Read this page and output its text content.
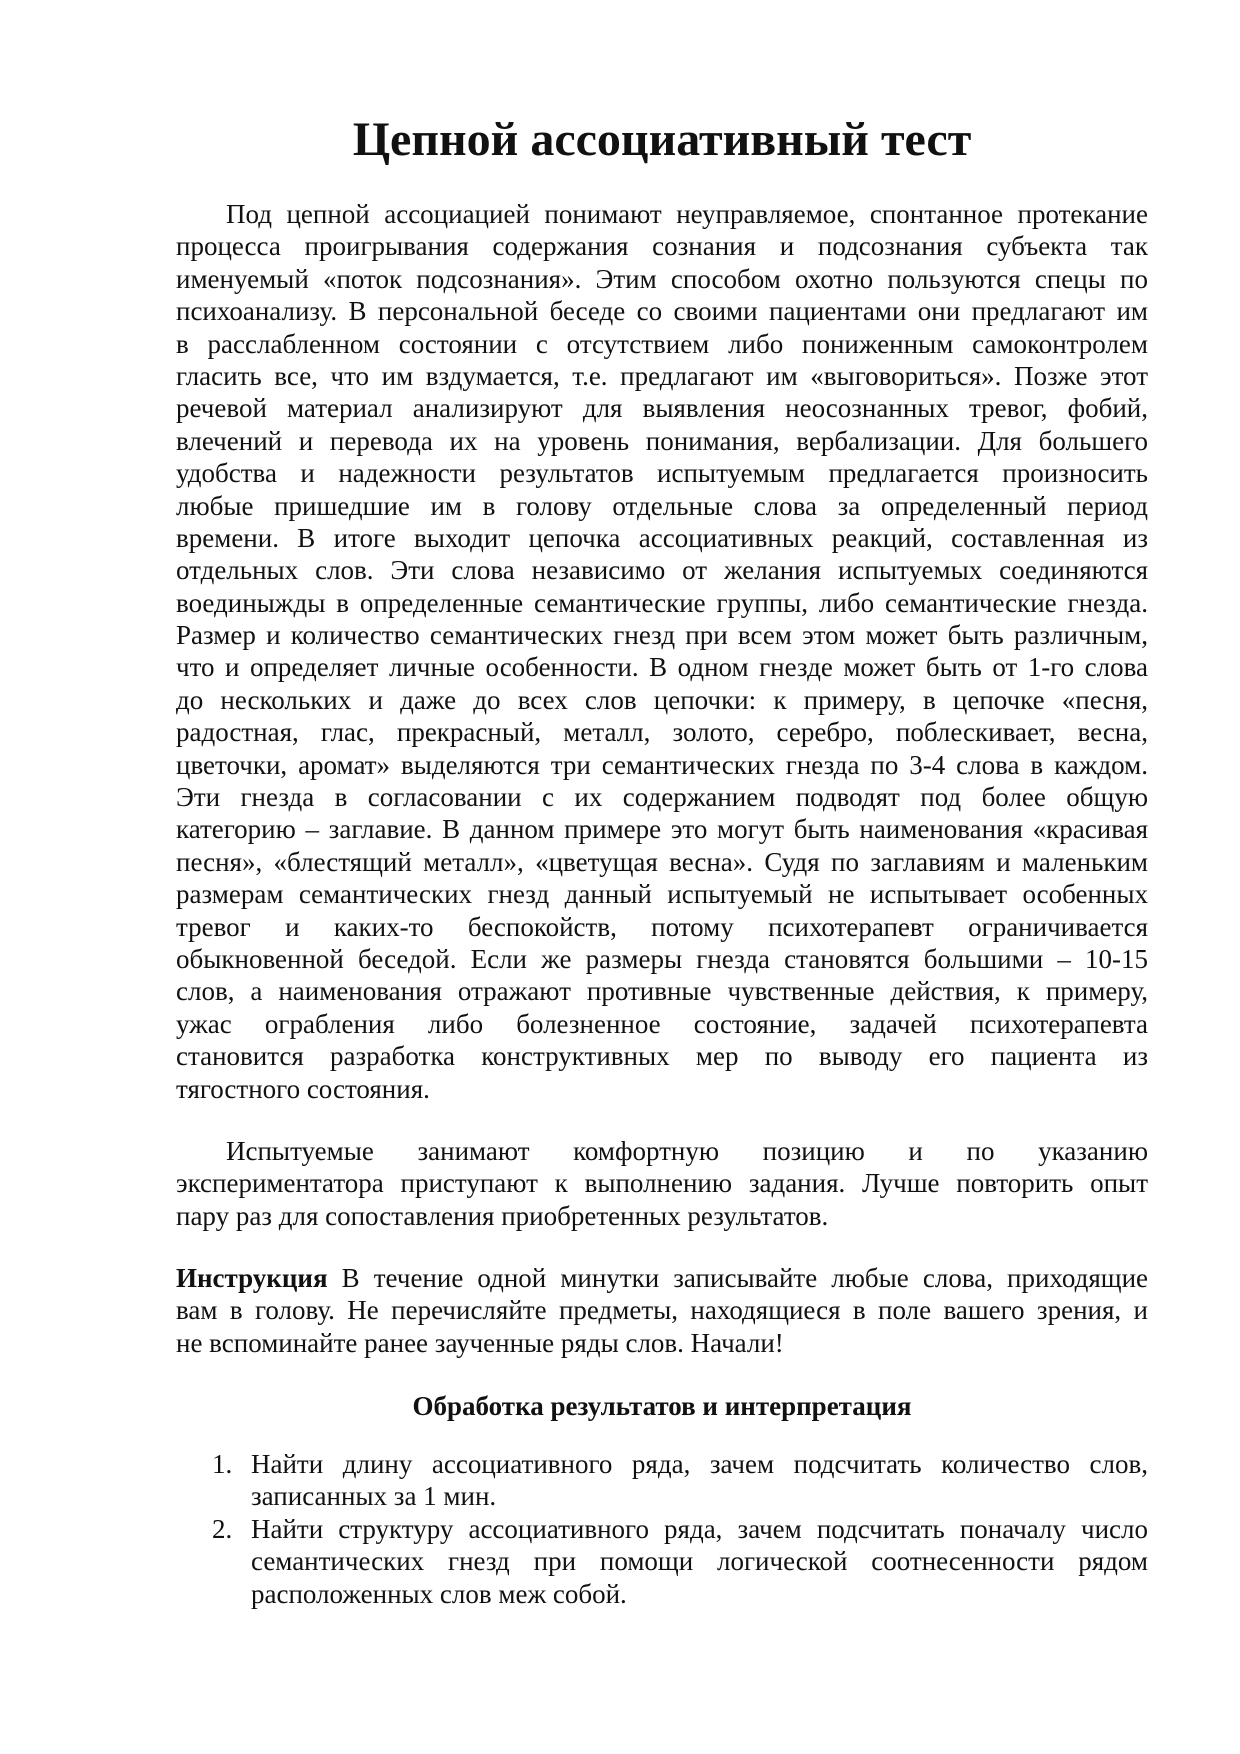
Цепной ассоциативный тест
Под цепной ассоциацией понимают неуправляемое, спонтанное протекание
процесса проигрывания содержания сознания и подсознания субъекта так
именуемый «поток подсознания». Этим способом охотно пользуются спецы по
психоанализу. В персональной беседе со своими пациентами они предлагают им
в расслабленном состоянии с отсутствием либо пониженным самоконтролем
гласить все, что им вздумается, т.е. предлагают им «выговориться». Позже этот
речевой материал анализируют для выявления неосознанных тревог, фобий,
влечений и перевода их на уровень понимания, вербализации. Для большего
удобства и надежности результатов испытуемым предлагается произносить
любые пришедшие им в голову отдельные слова за определенный период
времени. В итоге выходит цепочка ассоциативных реакций, составленная из
отдельных слов. Эти слова независимо от желания испытуемых соединяются
воединыжды в определенные семантические группы, либо семантические гнезда.
Размер и количество семантических гнезд при всем этом может быть различным,
что и определяет личные особенности. В одном гнезде может быть от 1-го слова
до нескольких и даже до всех слов цепочки: к примеру, в цепочке «песня,
радостная, глас, прекрасный, металл, золото, серебро, поблескивает, весна,
цветочки, аромат» выделяются три семантических гнезда по 3-4 слова в каждом.
Эти гнезда в согласовании с их содержанием подводят под более общую
категорию – заглавие. В данном примере это могут быть наименования «красивая
песня», «блестящий металл», «цветущая весна». Судя по заглавиям и маленьким
размерам семантических гнезд данный испытуемый не испытывает особенных
тревог и каких-то беспокойств, потому психотерапевт ограничивается
обыкновенной беседой. Если же размеры гнезда становятся большими – 10-15
слов, а наименования отражают противные чувственные действия, к примеру,
ужас ограбления либо болезненное состояние, задачей психотерапевта
становится разработка конструктивных мер по выводу его пациента из
тягостного состояния.
Испытуемые занимают комфортную позицию и по указанию
экспериментатора приступают к выполнению задания. Лучше повторить опыт
пару раз для сопоставления приобретенных результатов.
Инструкция В течение одной минутки записывайте любые слова, приходящие
вам в голову. Не перечисляйте предметы, находящиеся в поле вашего зрения, и
не вспоминайте ранее заученные ряды слов. Начали!
Обработка результатов и интерпретация
1. Найти длину ассоциативного ряда, зачем подсчитать количество слов,
записанных за 1 мин.
2. Найти структуру ассоциативного ряда, зачем подсчитать поначалу число
семантических гнезд при помощи логической соотнесенности рядом
расположенных слов меж собой.
